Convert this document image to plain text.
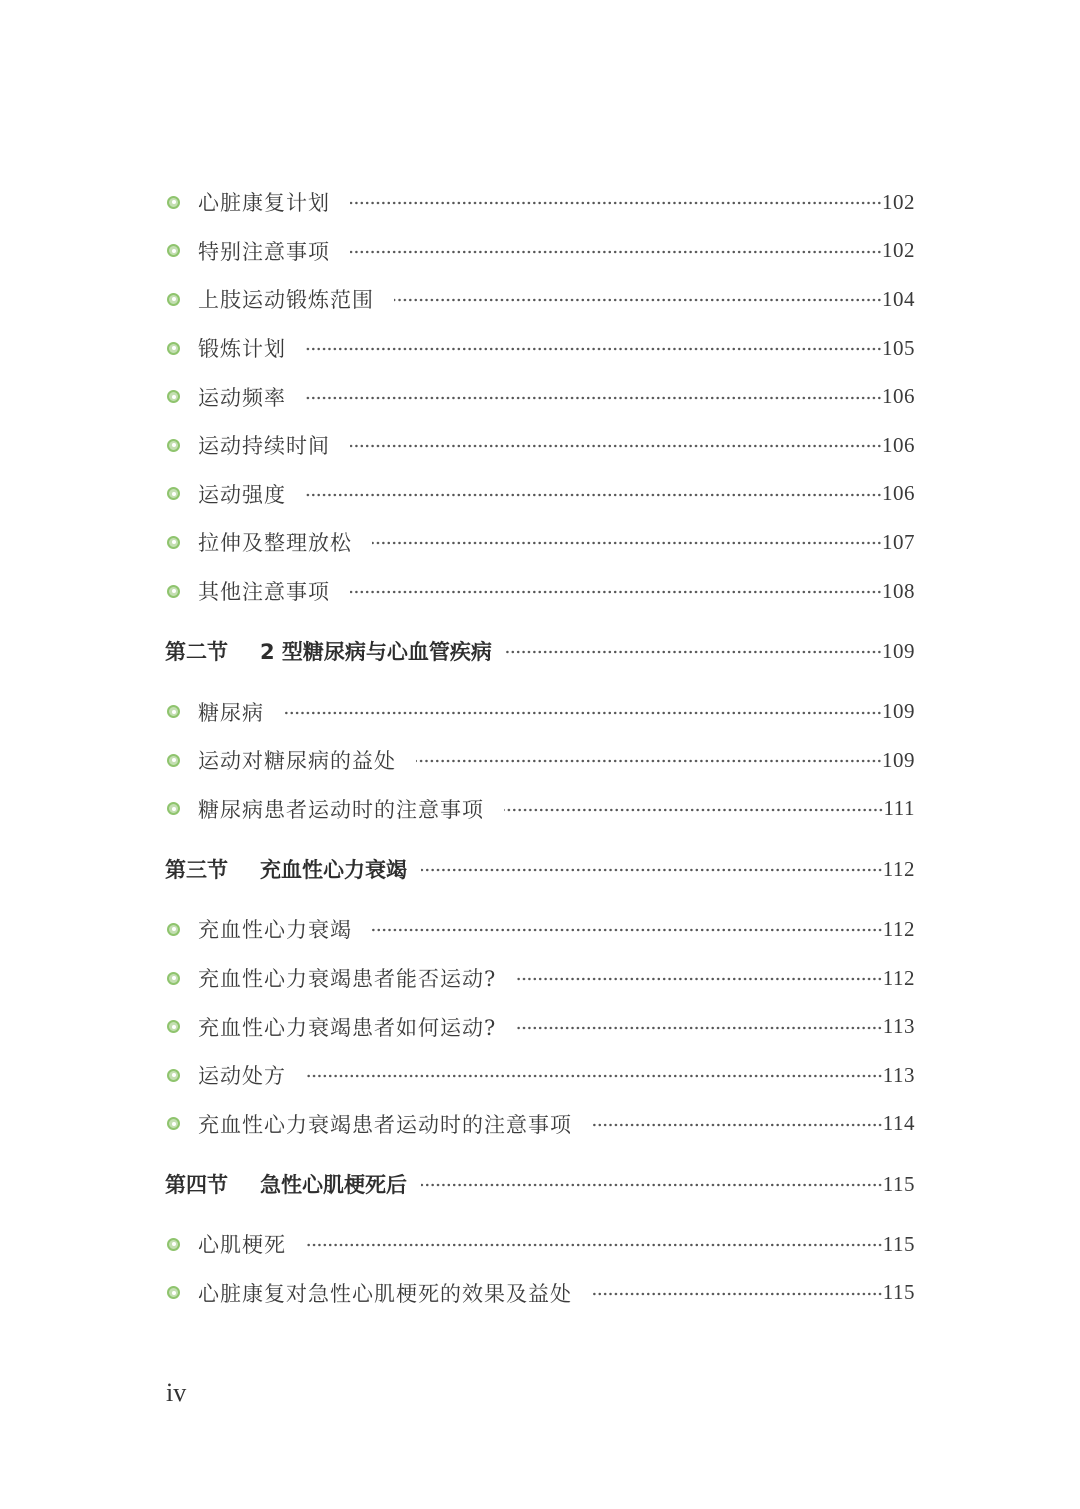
心脏康复计划	102
特别注意事项	102
上肢运动锻炼范围	104
锻炼计划	105
运动频率	106
运动持续时间	106
运动强度	106
拉伸及整理放松	107
其他注意事项	108
第二节	2 型糖尿病与心血管疾病	109
糖尿病	109
运动对糖尿病的益处	109
糖尿病患者运动时的注意事项	111
第三节	充血性心力衰竭	112
充血性心力衰竭	112
充血性心力衰竭患者能否运动?	112
充血性心力衰竭患者如何运动?	113
运动处方	113
充血性心力衰竭患者运动时的注意事项	114
第四节	急性心肌梗死后	115
心肌梗死	115
心脏康复对急性心肌梗死的效果及益处	115
iv
